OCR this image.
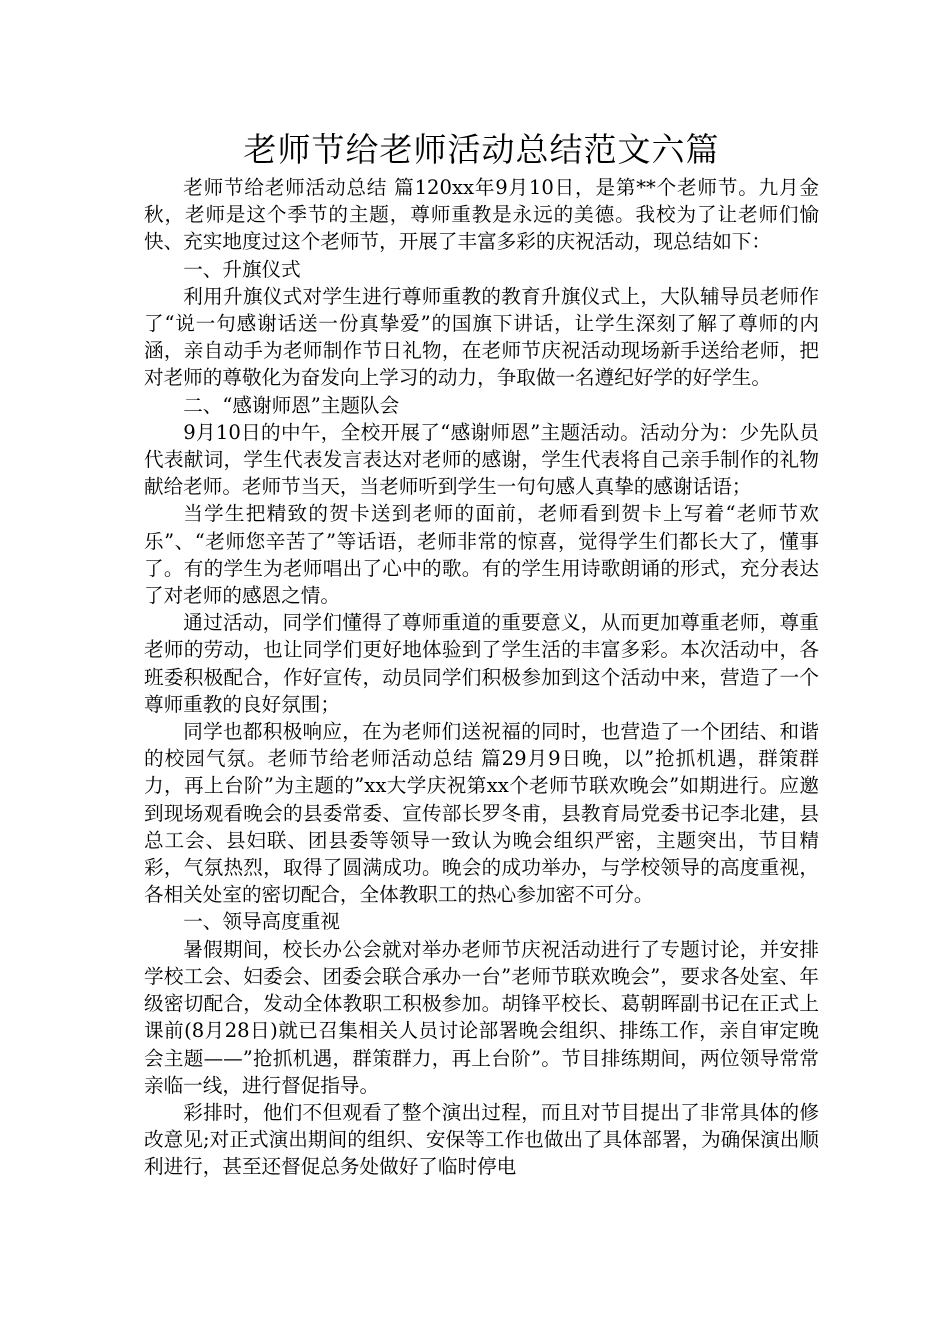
老师节给老师活动总结范文六篇

老师节给老师活动总结 篇120xx年9月10日，是第**个老师节。九月金秋，老师是这个季节的主题，尊师重教是永远的美德。我校为了让老师们愉快、充实地度过这个老师节，开展了丰富多彩的庆祝活动，现总结如下：

一、升旗仪式

利用升旗仪式对学生进行尊师重教的教育升旗仪式上，大队辅导员老师作了“说一句感谢话送一份真挚爱”的国旗下讲话，让学生深刻了解了尊师的内涵，亲自动手为老师制作节日礼物，在老师节庆祝活动现场新手送给老师，把对老师的尊敬化为奋发向上学习的动力，争取做一名遵纪好学的好学生。

二、“感谢师恩”主题队会

9月10日的中午，全校开展了“感谢师恩”主题活动。活动分为：少先队员代表献词，学生代表发言表达对老师的感谢，学生代表将自己亲手制作的礼物献给老师。老师节当天，当老师听到学生一句句感人真挚的感谢话语；

当学生把精致的贺卡送到老师的面前，老师看到贺卡上写着“老师节欢乐”、“老师您辛苦了”等话语，老师非常的惊喜，觉得学生们都长大了，懂事了。有的学生为老师唱出了心中的歌。有的学生用诗歌朗诵的形式，充分表达了对老师的感恩之情。

通过活动，同学们懂得了尊师重道的重要意义，从而更加尊重老师，尊重老师的劳动，也让同学们更好地体验到了学生活的丰富多彩。本次活动中，各班委积极配合，作好宣传，动员同学们积极参加到这个活动中来，营造了一个尊师重教的良好氛围；

同学也都积极响应，在为老师们送祝福的同时，也营造了一个团结、和谐的校园气氛。老师节给老师活动总结 篇29月9日晚，以”抢抓机遇，群策群力，再上台阶”为主题的”xx大学庆祝第xx个老师节联欢晚会”如期进行。应邀到现场观看晚会的县委常委、宣传部长罗冬甫，县教育局党委书记李北建，县总工会、县妇联、团县委等领导一致认为晚会组织严密，主题突出，节目精彩，气氛热烈，取得了圆满成功。晚会的成功举办，与学校领导的高度重视，各相关处室的密切配合，全体教职工的热心参加密不可分。

一、领导高度重视

暑假期间，校长办公会就对举办老师节庆祝活动进行了专题讨论，并安排学校工会、妇委会、团委会联合承办一台”老师节联欢晚会”，要求各处室、年级密切配合，发动全体教职工积极参加。胡锋平校长、葛朝晖副书记在正式上课前(8月28日)就已召集相关人员讨论部署晚会组织、排练工作，亲自审定晚会主题——”抢抓机遇，群策群力，再上台阶”。节目排练期间，两位领导常常亲临一线，进行督促指导。

彩排时，他们不但观看了整个演出过程，而且对节目提出了非常具体的修改意见;对正式演出期间的组织、安保等工作也做出了具体部署，为确保演出顺利进行，甚至还督促总务处做好了临时停电
